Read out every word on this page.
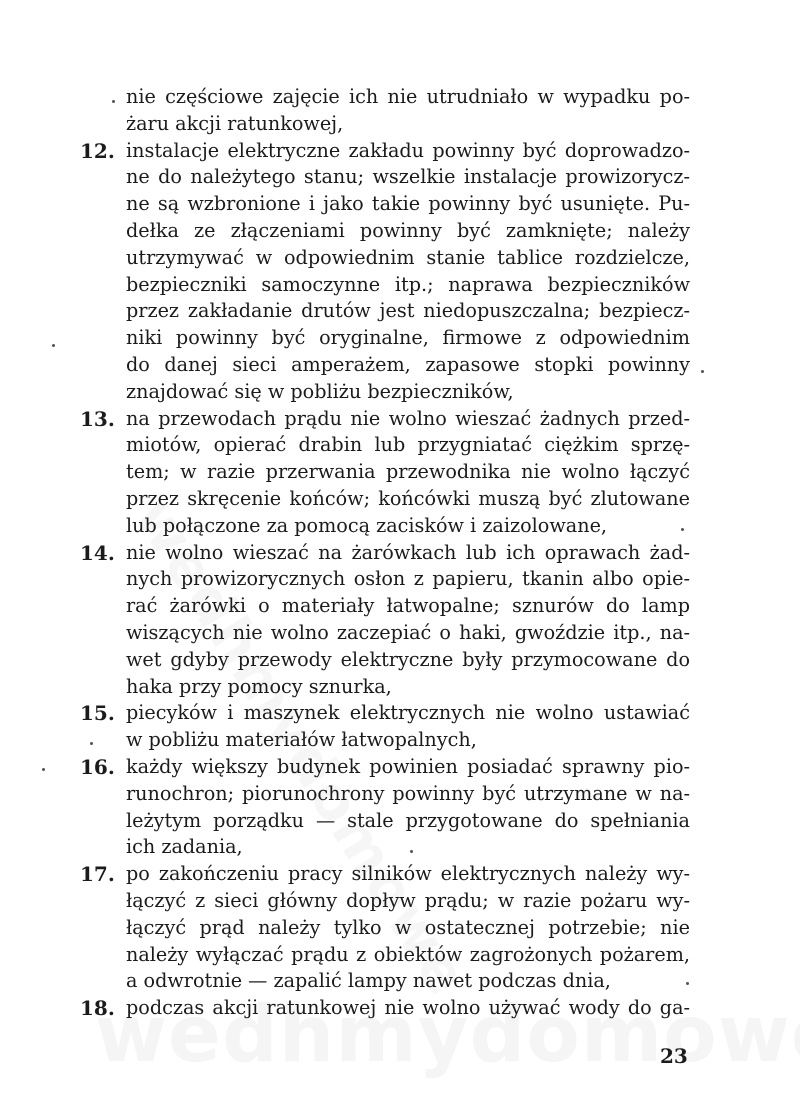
nie częściowe zajęcie ich nie utrudniało w wypadku po-
żaru akcji ratunkowej,
12. instalacje elektryczne zakładu powinny być doprowadzo-
ne do należytego stanu; wszelkie instalacje prowizorycz-
ne są wzbronione i jako takie powinny być usunięte. Pu-
dełka ze złączeniami powinny być zamknięte; należy
utrzymywać w odpowiednim stanie tablice rozdzielcze,
bezpieczniki samoczynne itp.; naprawa bezpieczników
przez zakładanie drutów jest niedopuszczalna; bezpiecz-
niki powinny być oryginalne, firmowe z odpowiednim
do danej sieci amperażem, zapasowe stopki powinny
znajdować się w pobliżu bezpieczników,
13. na przewodach prądu nie wolno wieszać żadnych przed-
miotów, opierać drabin lub przygniatać ciężkim sprzę-
tem; w razie przerwania przewodnika nie wolno łączyć
przez skręcenie końców; końcówki muszą być zlutowane
lub połączone za pomocą zacisków i zaizolowane,
14. nie wolno wieszać na żarówkach lub ich oprawach żad-
nych prowizorycznych osłon z papieru, tkanin albo opie-
rać żarówki o materiały łatwopalne; sznurów do lamp
wiszących nie wolno zaczepiać o haki, gwoździe itp., na-
wet gdyby przewody elektryczne były przymocowane do
haka przy pomocy sznurka,
15. piecyków i maszynek elektrycznych nie wolno ustawiać
w pobliżu materiałów łatwopalnych,
16. każdy większy budynek powinien posiadać sprawny pio-
runochron; piorunochrony powinny być utrzymane w na-
leżytym porządku — stale przygotowane do spełniania
ich zadania,
17. po zakończeniu pracy silników elektrycznych należy wy-
łączyć z sieci główny dopływ prądu; w razie pożaru wy-
łączyć prąd należy tylko w ostatecznej potrzebie; nie
należy wyłączać prądu z obiektów zagrożonych pożarem,
a odwrotnie — zapalić lampy nawet podczas dnia,
18. podczas akcji ratunkowej nie wolno używać wody do ga-
23
